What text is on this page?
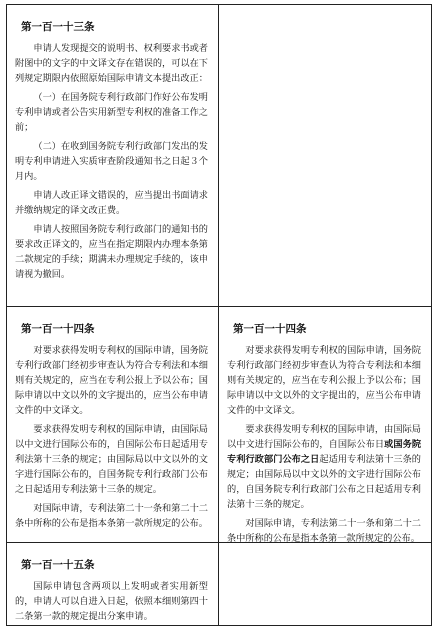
第一百一十三条

申请人发现提交的说明书、权利要求书或者附图中的文字的中文译文存在错误的，可以在下列规定期限内依照原始国际申请文本提出改正：

（一）在国务院专利行政部门作好公布发明专利申请或者公告实用新型专利权的准备工作之前；

（二）在收到国务院专利行政部门发出的发明专利申请进入实质审查阶段通知书之日起３个月内。

申请人改正译文错误的，应当提出书面请求并缴纳规定的译文改正费。

申请人按照国务院专利行政部门的通知书的要求改正译文的，应当在指定期限内办理本条第二款规定的手续；期满未办理规定手续的，该申请视为撤回。

第一百一十四条

对要求获得发明专利权的国际申请，国务院专利行政部门经初步审查认为符合专利法和本细则有关规定的，应当在专利公报上予以公布；国际申请以中文以外的文字提出的，应当公布申请文件的中文译文。

要求获得发明专利权的国际申请，由国际局以中文进行国际公布的，自国际公布日起适用专利法第十三条的规定；由国际局以中文以外的文字进行国际公布的，自国务院专利行政部门公布之日起适用专利法第十三条的规定。

对国际申请，专利法第二十一条和第二十二条中所称的公布是指本条第一款所规定的公布。

第一百一十四条

对要求获得发明专利权的国际申请，国务院专利行政部门经初步审查认为符合专利法和本细则有关规定的，应当在专利公报上予以公布；国际申请以中文以外的文字提出的，应当公布申请文件的中文译文。

要求获得发明专利权的国际申请，由国际局以中文进行国际公布的，自国际公布日或国务院专利行政部门公布之日起适用专利法第十三条的规定；由国际局以中文以外的文字进行国际公布的，自国务院专利行政部门公布之日起适用专利法第十三条的规定。

对国际申请，专利法第二十一条和第二十二条中所称的公布是指本条第一款所规定的公布。

第一百一十五条

国际申请包含两项以上发明或者实用新型的，申请人可以自进入日起，依照本细则第四十二条第一款的规定提出分案申请。
